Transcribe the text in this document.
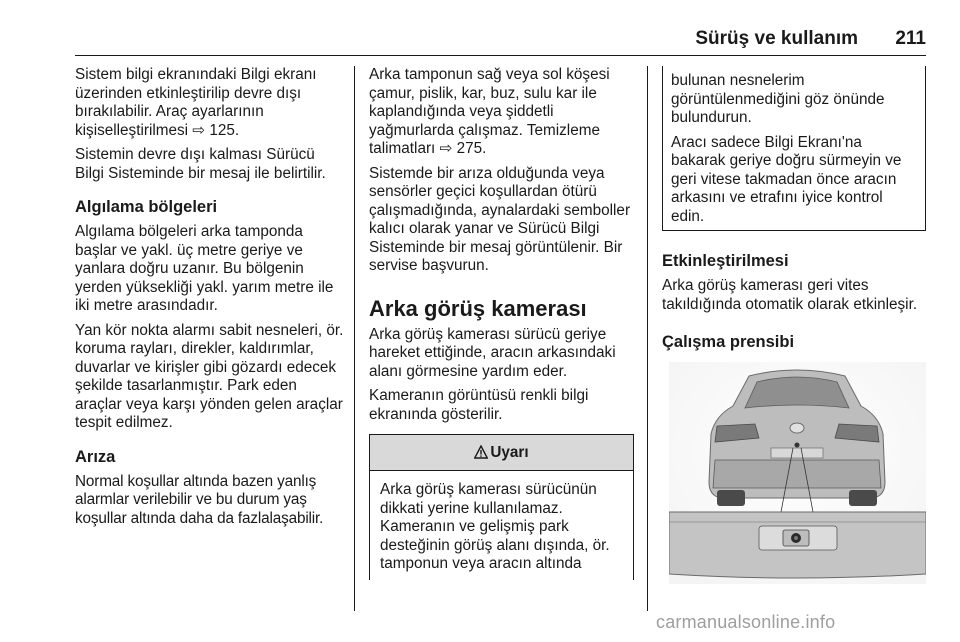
Sürüş ve kullanım 211

Sistem bilgi ekranındaki Bilgi ekranı üzerinden etkinleştirilip devre dışı bırakılabilir. Araç ayarlarının kişiselleştirilmesi ⇨ 125.

Sistemin devre dışı kalması Sürücü Bilgi Sisteminde bir mesaj ile belirtilir.

Algılama bölgeleri

Algılama bölgeleri arka tamponda başlar ve yakl. üç metre geriye ve yanlara doğru uzanır. Bu bölgenin yerden yüksekliği yakl. yarım metre ile iki metre arasındadır.

Yan kör nokta alarmı sabit nesneleri, ör. koruma rayları, direkler, kaldırımlar, duvarlar ve kirişler gibi gözardı edecek şekilde tasarlanmıştır. Park eden araçlar veya karşı yönden gelen araçlar tespit edilmez.

Arıza

Normal koşullar altında bazen yanlış alarmlar verilebilir ve bu durum yaş koşullar altında daha da fazlalaşabilir.

Arka tamponun sağ veya sol köşesi çamur, pislik, kar, buz, sulu kar ile kaplandığında veya şiddetli yağmurlarda çalışmaz. Temizleme talimatları ⇨ 275.

Sistemde bir arıza olduğunda veya sensörler geçici koşullardan ötürü çalışmadığında, aynalardaki semboller kalıcı olarak yanar ve Sürücü Bilgi Sisteminde bir mesaj görüntülenir. Bir servise başvurun.

Arka görüş kamerası

Arka görüş kamerası sürücü geriye hareket ettiğinde, aracın arkasındaki alanı görmesine yardım eder.

Kameranın görüntüsü renkli bilgi ekranında gösterilir.

Uyarı

Arka görüş kamerası sürücünün dikkati yerine kullanılamaz. Kameranın ve gelişmiş park desteğinin görüş alanı dışında, ör. tamponun veya aracın altında

bulunan nesnelerim görüntülenmediğini göz önünde bulundurun.

Aracı sadece Bilgi Ekranı'na bakarak geriye doğru sürmeyin ve geri vitese takmadan önce aracın arkasını ve etrafını iyice kontrol edin.

Etkinleştirilmesi

Arka görüş kamerası geri vites takıldığında otomatik olarak etkinleşir.

Çalışma prensibi
carmanualsonline.info
